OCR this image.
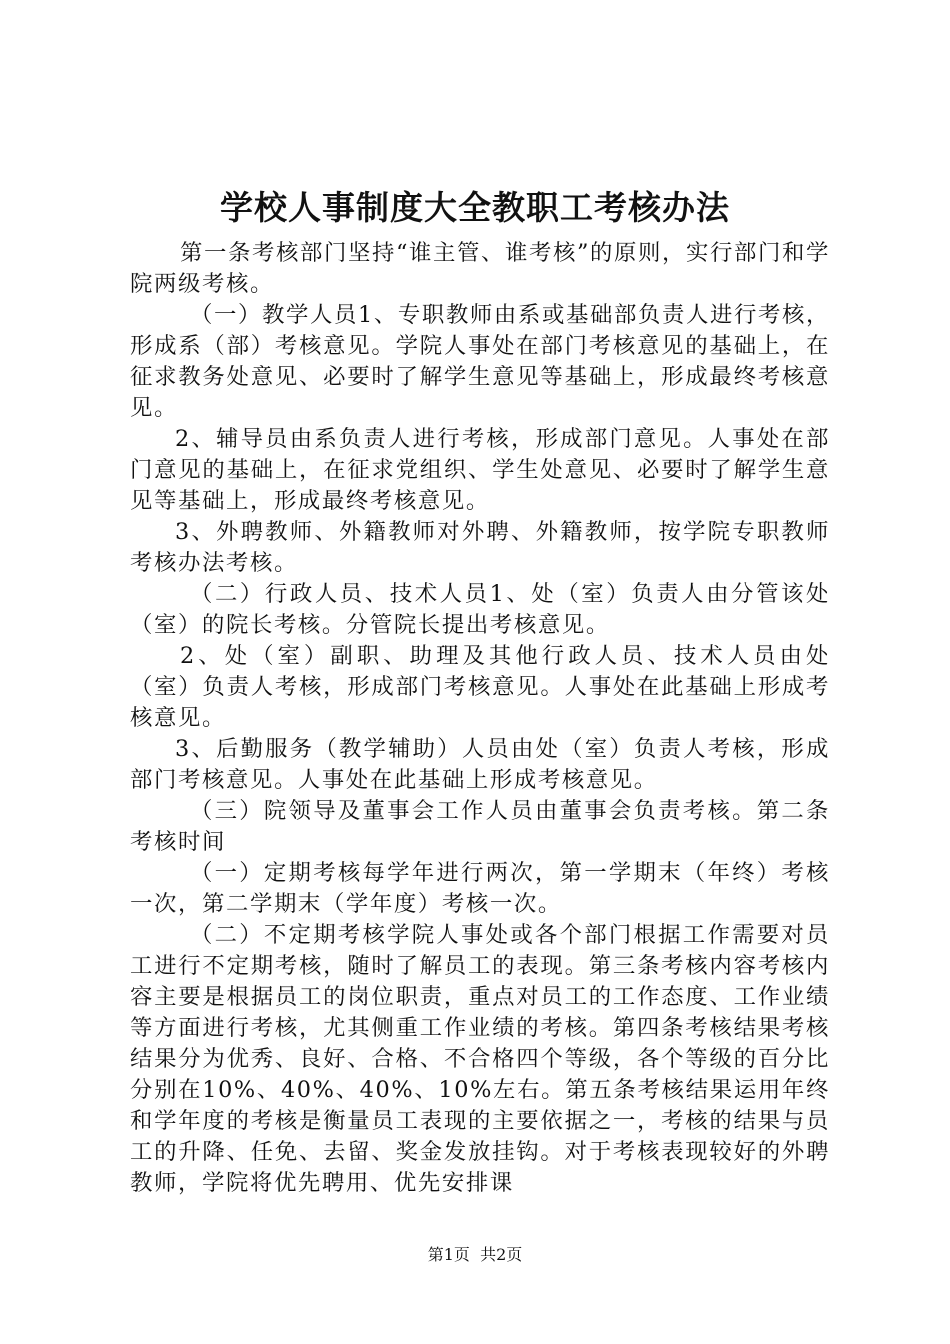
学校人事制度大全教职工考核办法

第一条考核部门坚持“谁主管、谁考核”的原则，实行部门和学院两级考核。

（一）教学人员1、专职教师由系或基础部负责人进行考核，形成系（部）考核意见。学院人事处在部门考核意见的基础上，在征求教务处意见、必要时了解学生意见等基础上，形成最终考核意见。

2、辅导员由系负责人进行考核，形成部门意见。人事处在部门意见的基础上，在征求党组织、学生处意见、必要时了解学生意见等基础上，形成最终考核意见。

3、外聘教师、外籍教师对外聘、外籍教师，按学院专职教师考核办法考核。

（二）行政人员、技术人员1、处（室）负责人由分管该处（室）的院长考核。分管院长提出考核意见。

2、处（室）副职、助理及其他行政人员、技术人员由处（室）负责人考核，形成部门考核意见。人事处在此基础上形成考核意见。

3、后勤服务（教学辅助）人员由处（室）负责人考核，形成部门考核意见。人事处在此基础上形成考核意见。

（三）院领导及董事会工作人员由董事会负责考核。第二条考核时间

（一）定期考核每学年进行两次，第一学期末（年终）考核一次，第二学期末（学年度）考核一次。

（二）不定期考核学院人事处或各个部门根据工作需要对员工进行不定期考核，随时了解员工的表现。第三条考核内容考核内容主要是根据员工的岗位职责，重点对员工的工作态度、工作业绩等方面进行考核，尤其侧重工作业绩的考核。第四条考核结果考核结果分为优秀、良好、合格、不合格四个等级，各个等级的百分比分别在10%、40%、40%、10%左右。第五条考核结果运用年终和学年度的考核是衡量员工表现的主要依据之一，考核的结果与员工的升降、任免、去留、奖金发放挂钩。对于考核表现较好的外聘教师，学院将优先聘用、优先安排课

第1页  共2页
